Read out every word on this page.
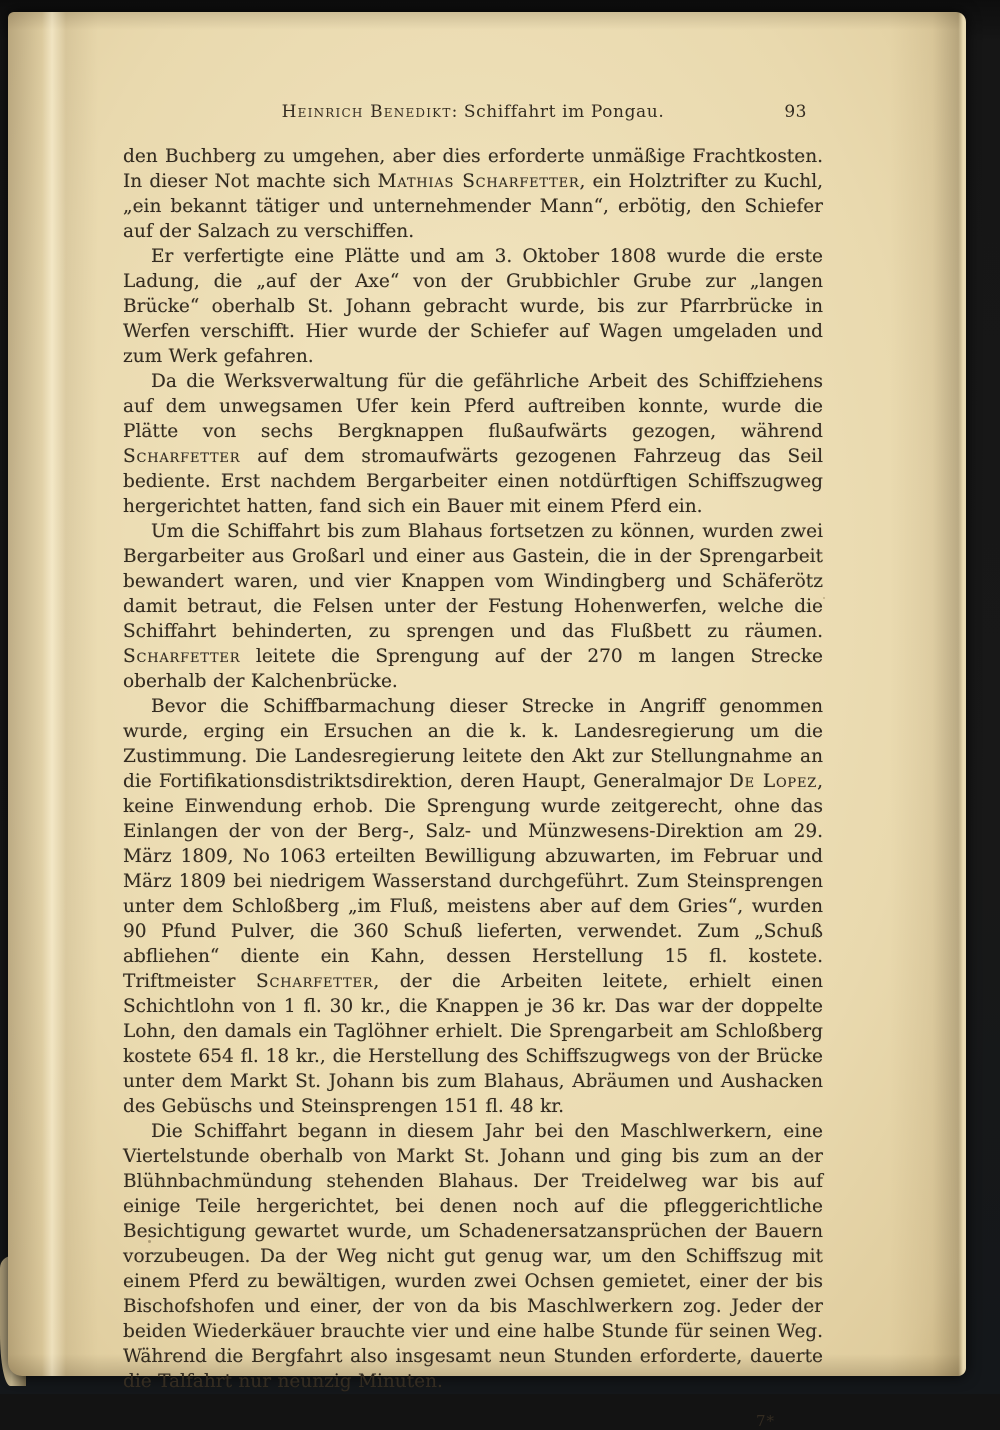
Heinrich Benedikt: Schiffahrt im Pongau.	93

den Buchberg zu umgehen, aber dies erforderte unmäßige Frachtkosten. In dieser Not machte sich Mathias Scharfetter, ein Holztrifter zu Kuchl, „ein bekannt tätiger und unternehmender Mann“, erbötig, den Schiefer auf der Salzach zu verschiffen.

Er verfertigte eine Plätte und am 3. Oktober 1808 wurde die erste Ladung, die „auf der Axe“ von der Grubbichler Grube zur „langen Brücke“ oberhalb St. Johann gebracht wurde, bis zur Pfarrbrücke in Werfen verschifft. Hier wurde der Schiefer auf Wagen umgeladen und zum Werk gefahren.

Da die Werksverwaltung für die gefährliche Arbeit des Schiffziehens auf dem unwegsamen Ufer kein Pferd auftreiben konnte, wurde die Plätte von sechs Bergknappen flußaufwärts gezogen, während Scharfetter auf dem stromaufwärts gezogenen Fahrzeug das Seil bediente. Erst nachdem Bergarbeiter einen notdürftigen Schiffszugweg hergerichtet hatten, fand sich ein Bauer mit einem Pferd ein.

Um die Schiffahrt bis zum Blahaus fortsetzen zu können, wurden zwei Bergarbeiter aus Großarl und einer aus Gastein, die in der Sprengarbeit bewandert waren, und vier Knappen vom Windingberg und Schäferötz damit betraut, die Felsen unter der Festung Hohenwerfen, welche die Schiffahrt behinderten, zu sprengen und das Flußbett zu räumen. Scharfetter leitete die Sprengung auf der 270 m langen Strecke oberhalb der Kalchenbrücke.

Bevor die Schiffbarmachung dieser Strecke in Angriff genommen wurde, erging ein Ersuchen an die k. k. Landesregierung um die Zustimmung. Die Landesregierung leitete den Akt zur Stellungnahme an die Fortifikationsdistriktsdirektion, deren Haupt, Generalmajor De Lopez, keine Einwendung erhob. Die Sprengung wurde zeitgerecht, ohne das Einlangen der von der Berg-, Salz- und Münzwesens-Direktion am 29. März 1809, No 1063 erteilten Bewilligung abzuwarten, im Februar und März 1809 bei niedrigem Wasserstand durchgeführt. Zum Steinsprengen unter dem Schloßberg „im Fluß, meistens aber auf dem Gries“, wurden 90 Pfund Pulver, die 360 Schuß lieferten, verwendet. Zum „Schuß abfliehen“ diente ein Kahn, dessen Herstellung 15 fl. kostete. Triftmeister Scharfetter, der die Arbeiten leitete, erhielt einen Schichtlohn von 1 fl. 30 kr., die Knappen je 36 kr. Das war der doppelte Lohn, den damals ein Taglöhner erhielt. Die Sprengarbeit am Schloßberg kostete 654 fl. 18 kr., die Herstellung des Schiffszugwegs von der Brücke unter dem Markt St. Johann bis zum Blahaus, Abräumen und Aushacken des Gebüschs und Steinsprengen 151 fl. 48 kr.

Die Schiffahrt begann in diesem Jahr bei den Maschlwerkern, eine Viertelstunde oberhalb von Markt St. Johann und ging bis zum an der Blühnbachmündung stehenden Blahaus. Der Treidelweg war bis auf einige Teile hergerichtet, bei denen noch auf die pfleggerichtliche Besichtigung gewartet wurde, um Schadenersatzansprüchen der Bauern vorzubeugen. Da der Weg nicht gut genug war, um den Schiffszug mit einem Pferd zu bewältigen, wurden zwei Ochsen gemietet, einer der bis Bischofshofen und einer, der von da bis Maschlwerkern zog. Jeder der beiden Wiederkäuer brauchte vier und eine halbe Stunde für seinen Weg. Während die Bergfahrt also insgesamt neun Stunden erforderte, dauerte die Talfahrt nur neunzig Minuten.

7*
